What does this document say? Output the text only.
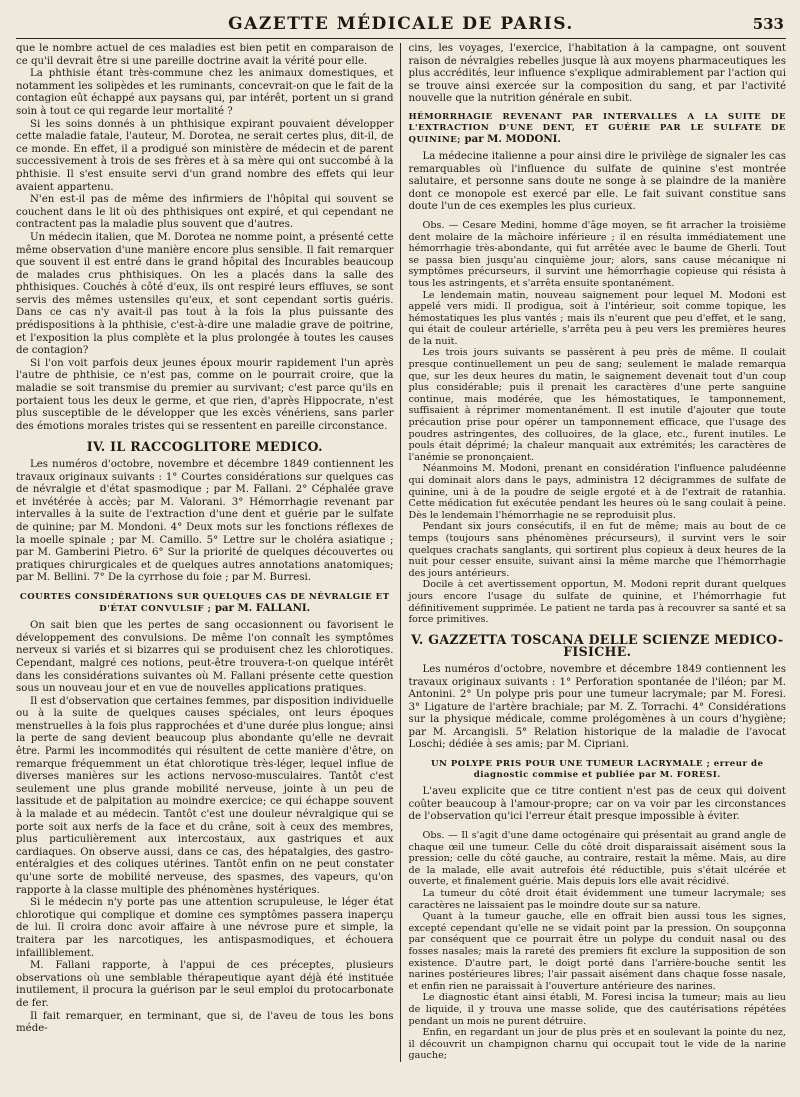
GAZETTE MÉDICALE DE PARIS.	533

que le nombre actuel de ces maladies est bien petit en comparaison de ce qu'il devrait être si une pareille doctrine avait la vérité pour elle.

La phthisie étant très-commune chez les animaux domestiques, et notamment les solipèdes et les ruminants, concevrait-on que le fait de la contagion eût échappé aux paysans qui, par intérêt, portent un si grand soin à tout ce qui regarde leur mortalité ?

Si les soins donnés à un phthisique expirant pouvaient développer cette maladie fatale, l'auteur, M. Dorotea, ne serait certes plus, dit-il, de ce monde. En effet, il a prodigué son ministère de médecin et de parent successivement à trois de ses frères et à sa mère qui ont succombé à la phthisie. Il s'est ensuite servi d'un grand nombre des effets qui leur avaient appartenu.

N'en est-il pas de même des infirmiers de l'hôpital qui souvent se couchent dans le lit où des phthisiques ont expiré, et qui cependant ne contractent pas la maladie plus souvent que d'autres.

Un médecin italien, que M. Dorotea ne nomme point, a présenté cette même observation d'une manière encore plus sensible. Il fait remarquer que souvent il est entré dans le grand hôpital des Incurables beaucoup de malades crus phthisiques. On les a placés dans la salle des phthisiques. Couchés à côté d'eux, ils ont respiré leurs effluves, se sont servis des mêmes ustensiles qu'eux, et sont cependant sortis guéris. Dans ce cas n'y avait-il pas tout à la fois la plus puissante des prédispositions à la phthisie, c'est-à-dire une maladie grave de poitrine, et l'exposition la plus complète et la plus prolongée à toutes les causes de contagion?

Si l'on voit parfois deux jeunes époux mourir rapidement l'un après l'autre de phthisie, ce n'est pas, comme on le pourrait croire, que la maladie se soit transmise du premier au survivant; c'est parce qu'ils en portaient tous les deux le germe, et que rien, d'après Hippocrate, n'est plus susceptible de le développer que les excès vénériens, sans parler des émotions morales tristes qui se ressentent en pareille circonstance.

IV. IL RACCOGLITORE MEDICO.

Les numéros d'octobre, novembre et décembre 1849 contiennent les travaux originaux suivants : 1° Courtes considérations sur quelques cas de névralgie et d'état spasmodique ; par M. Fallani. 2° Céphalée grave et invétérée à accès; par M. Valorani. 3° Hémorrhagie revenant par intervalles à la suite de l'extraction d'une dent et guérie par le sulfate de quinine; par M. Mondoni. 4° Deux mots sur les fonctions réflexes de la moelle spinale ; par M. Camillo. 5° Lettre sur le choléra asiatique ; par M. Gamberini Pietro. 6° Sur la priorité de quelques découvertes ou pratiques chirurgicales et de quelques autres annotations anatomiques; par M. Bellini. 7° De la cyrrhose du foie ; par M. Burresi.

COURTES CONSIDÉRATIONS SUR QUELQUES CAS DE NÉVRALGIE ET D'ÉTAT CONVULSIF ; par M. FALLANI.

On sait bien que les pertes de sang occasionnent ou favorisent le développement des convulsions. De même l'on connaît les symptômes nerveux si variés et si bizarres qui se produisent chez les chlorotiques. Cependant, malgré ces notions, peut-être trouvera-t-on quelque intérêt dans les considérations suivantes où M. Fallani présente cette question sous un nouveau jour et en vue de nouvelles applications pratiques.

Il est d'observation que certaines femmes, par disposition individuelle ou à la suite de quelques causes spéciales, ont leurs époques menstruelles à la fois plus rapprochées et d'une durée plus longue; ainsi la perte de sang devient beaucoup plus abondante qu'elle ne devrait être. Parmi les incommodités qui résultent de cette manière d'être, on remarque fréquemment un état chlorotique très-léger, lequel influe de diverses manières sur les actions nervoso-musculaires. Tantôt c'est seulement une plus grande mobilité nerveuse, jointe à un peu de lassitude et de palpitation au moindre exercice; ce qui échappe souvent à la malade et au médecin. Tantôt c'est une douleur névralgique qui se porte soit aux nerfs de la face et du crâne, soit à ceux des membres, plus particulièrement aux intercostaux, aux gastriques et aux cardiaques. On observe aussi, dans ce cas, des hépatalgies, des gastro-entéralgies et des coliques utérines. Tantôt enfin on ne peut constater qu'une sorte de mobilité nerveuse, des spasmes, des vapeurs, qu'on rapporte à la classe multiple des phénomènes hystériques.

Si le médecin n'y porte pas une attention scrupuleuse, le léger état chlorotique qui complique et domine ces symptômes passera inaperçu de lui. Il croira donc avoir affaire à une névrose pure et simple, la traitera par les narcotiques, les antispasmodiques, et échouera infailliblement.

M. Fallani rapporte, à l'appui de ces préceptes, plusieurs observations où une semblable thérapeutique ayant déjà été instituée inutilement, il procura la guérison par le seul emploi du protocarbonate de fer.

Il fait remarquer, en terminant, que si, de l'aveu de tous les bons méde-

cins, les voyages, l'exercice, l'habitation à la campagne, ont souvent raison de névralgies rebelles jusque là aux moyens pharmaceutiques les plus accrédités, leur influence s'explique admirablement par l'action qui se trouve ainsi exercée sur la composition du sang, et par l'activité nouvelle que la nutrition générale en subit.

HÉMORRHAGIE REVENANT PAR INTERVALLES A LA SUITE DE L'EXTRACTION D'UNE DENT, ET GUÉRIE PAR LE SULFATE DE QUININE; par M. MODONI.

La médecine italienne a pour ainsi dire le privilège de signaler les cas remarquables où l'influence du sulfate de quinine s'est montrée salutaire, et personne sans doute ne songe à se plaindre de la manière dont ce monopole est exercé par elle. Le fait suivant constitue sans doute l'un de ces exemples les plus curieux.

Obs. — Cesare Medini, homme d'âge moyen, se fit arracher la troisième dent molaire de la mâchoire inférieure ; il en résulta immédiatement une hémorrhagie très-abondante, qui fut arrêtée avec le baume de Gherli. Tout se passa bien jusqu'au cinquième jour; alors, sans cause mécanique ni symptômes précurseurs, il survint une hémorrhagie copieuse qui résista à tous les astringents, et s'arrêta ensuite spontanément.

Le lendemain matin, nouveau saignement pour lequel M. Modoni est appelé vers midi. Il prodigua, soit à l'intérieur, soit comme topique, les hémostatiques les plus vantés ; mais ils n'eurent que peu d'effet, et le sang, qui était de couleur artérielle, s'arrêta peu à peu vers les premières heures de la nuit.

Les trois jours suivants se passèrent à peu près de même. Il coulait presque continuellement un peu de sang; seulement le malade remarqua que, sur les deux heures du matin, le saignement devenait tout d'un coup plus considérable; puis il prenait les caractères d'une perte sanguine continue, mais modérée, que les hémostatiques, le tamponnement, suffisaient à réprimer momentanément. Il est inutile d'ajouter que toute précaution prise pour opérer un tamponnement efficace, que l'usage des poudres astringentes, des colluoires, de la glace, etc., furent inutiles. Le pouls était déprimé; la chaleur manquait aux extrémités; les caractères de l'anémie se prononçaient.

Néanmoins M. Modoni, prenant en considération l'influence paludéenne qui dominait alors dans le pays, administra 12 décigrammes de sulfate de quinine, uni à de la poudre de seigle ergoté et à de l'extrait de ratanhia. Cette médication fut exécutée pendant les heures où le sang coulait à peine. Dès le lendemain l'hémorrhagie ne se reproduisit plus.

Pendant six jours consécutifs, il en fut de même; mais au bout de ce temps (toujours sans phénomènes précurseurs), il survint vers le soir quelques crachats sanglants, qui sortirent plus copieux à deux heures de la nuit pour cesser ensuite, suivant ainsi la même marche que l'hémorrhagie des jours antérieurs.

Docile à cet avertissement opportun, M. Modoni reprit durant quelques jours encore l'usage du sulfate de quinine, et l'hémorrhagie fut définitivement supprimée. Le patient ne tarda pas à recouvrer sa santé et sa force primitives.

V. GAZZETTA TOSCANA DELLE SCIENZE MEDICO-FISICHE.

Les numéros d'octobre, novembre et décembre 1849 contiennent les travaux originaux suivants : 1° Perforation spontanée de l'iléon; par M. Antonini. 2° Un polype pris pour une tumeur lacrymale; par M. Foresi. 3° Ligature de l'artère brachiale; par M. Z. Torrachi. 4° Considérations sur la physique médicale, comme prolégomènes à un cours d'hygiène; par M. Arcangisli. 5° Relation historique de la maladie de l'avocat Loschi; dédiée à ses amis; par M. Cipriani.

UN POLYPE PRIS POUR UNE TUMEUR LACRYMALE ; erreur de diagnostic commise et publiée par M. FORESI.

L'aveu explicite que ce titre contient n'est pas de ceux qui doivent coûter beaucoup à l'amour-propre; car on va voir par les circonstances de l'observation qu'ici l'erreur était presque impossible à éviter.

Obs. — Il s'agit d'une dame octogénaire qui présentait au grand angle de chaque œil une tumeur. Celle du côté droit disparaissait aisément sous la pression; celle du côté gauche, au contraire, restait la même. Mais, au dire de la malade, elle avait autrefois été réductible, puis s'était ulcérée et ouverte, et finalement guérie. Mais depuis lors elle avait récidivé.

La tumeur du côté droit était évidemment une tumeur lacrymale; ses caractères ne laissaient pas le moindre doute sur sa nature.

Quant à la tumeur gauche, elle en offrait bien aussi tous les signes, excepté cependant qu'elle ne se vidait point par la pression. On soupçonna par conséquent que ce pourrait être un polype du conduit nasal ou des fosses nasales; mais la rareté des premiers fit exclure la supposition de son existence. D'autre part, le doigt porté dans l'arrière-bouche sentit les narines postérieures libres; l'air passait aisément dans chaque fosse nasale, et enfin rien ne paraissait à l'ouverture antérieure des narines.

Le diagnostic étant ainsi établi, M. Foresi incisa la tumeur; mais au lieu de liquide, il y trouva une masse solide, que des cautérisations répétées pendant un mois ne purent détruire.

Enfin, en regardant un jour de plus près et en soulevant la pointe du nez, il découvrit un champignon charnu qui occupait tout le vide de la narine gauche;
